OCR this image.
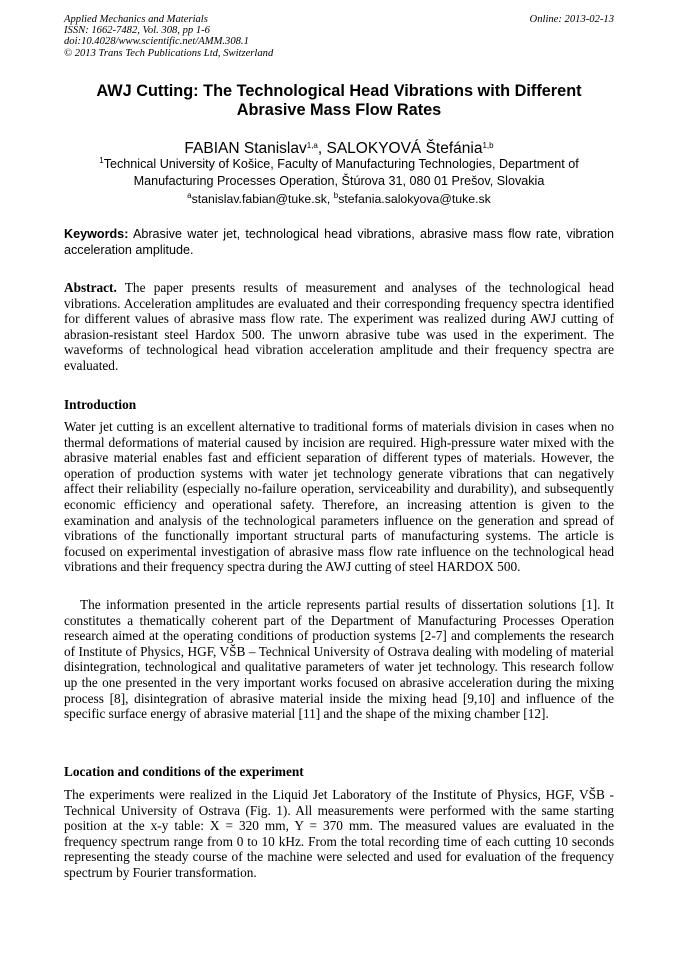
Applied Mechanics and Materials
ISSN: 1662-7482, Vol. 308, pp 1-6
doi:10.4028/www.scientific.net/AMM.308.1
© 2013 Trans Tech Publications Ltd, Switzerland
Online: 2013-02-13
AWJ Cutting: The Technological Head Vibrations with Different
Abrasive Mass Flow Rates
FABIAN Stanislav$^{1,a}$, SALOKYOVÁ Štefánia$^{1,b}$
$^1$Technical University of Košice, Faculty of Manufacturing Technologies, Department of
Manufacturing Processes Operation, Štúrova 31, 080 01 Prešov, Slovakia
$^a$stanislav.fabian@tuke.sk, $^b$stefania.salokyova@tuke.sk
Keywords: Abrasive water jet, technological head vibrations, abrasive mass flow rate, vibration acceleration amplitude.
Abstract. The paper presents results of measurement and analyses of the technological head vibrations. Acceleration amplitudes are evaluated and their corresponding frequency spectra identified for different values of abrasive mass flow rate. The experiment was realized during AWJ cutting of abrasion-resistant steel Hardox 500. The unworn abrasive tube was used in the experiment. The waveforms of technological head vibration acceleration amplitude and their frequency spectra are evaluated.
Introduction
Water jet cutting is an excellent alternative to traditional forms of materials division in cases when no thermal deformations of material caused by incision are required. High-pressure water mixed with the abrasive material enables fast and efficient separation of different types of materials. However, the operation of production systems with water jet technology generate vibrations that can negatively affect their reliability (especially no-failure operation, serviceability and durability), and subsequently economic efficiency and operational safety. Therefore, an increasing attention is given to the examination and analysis of the technological parameters influence on the generation and spread of vibrations of the functionally important structural parts of manufacturing systems. The article is focused on experimental investigation of abrasive mass flow rate influence on the technological head vibrations and their frequency spectra during the AWJ cutting of steel HARDOX 500.
The information presented in the article represents partial results of dissertation solutions [1]. It constitutes a thematically coherent part of the Department of Manufacturing Processes Operation research aimed at the operating conditions of production systems [2-7] and complements the research of Institute of Physics, HGF, VŠB – Technical University of Ostrava dealing with modeling of material disintegration, technological and qualitative parameters of water jet technology. This research follow up the one presented in the very important works focused on abrasive acceleration during the mixing process [8], disintegration of abrasive material inside the mixing head [9,10] and influence of the specific surface energy of abrasive material [11] and the shape of the mixing chamber [12].
Location and conditions of the experiment
The experiments were realized in the Liquid Jet Laboratory of the Institute of Physics, HGF, VŠB - Technical University of Ostrava (Fig. 1). All measurements were performed with the same starting position at the x-y table: X = 320 mm, Y = 370 mm. The measured values are evaluated in the frequency spectrum range from 0 to 10 kHz. From the total recording time of each cutting 10 seconds representing the steady course of the machine were selected and used for evaluation of the frequency spectrum by Fourier transformation.
